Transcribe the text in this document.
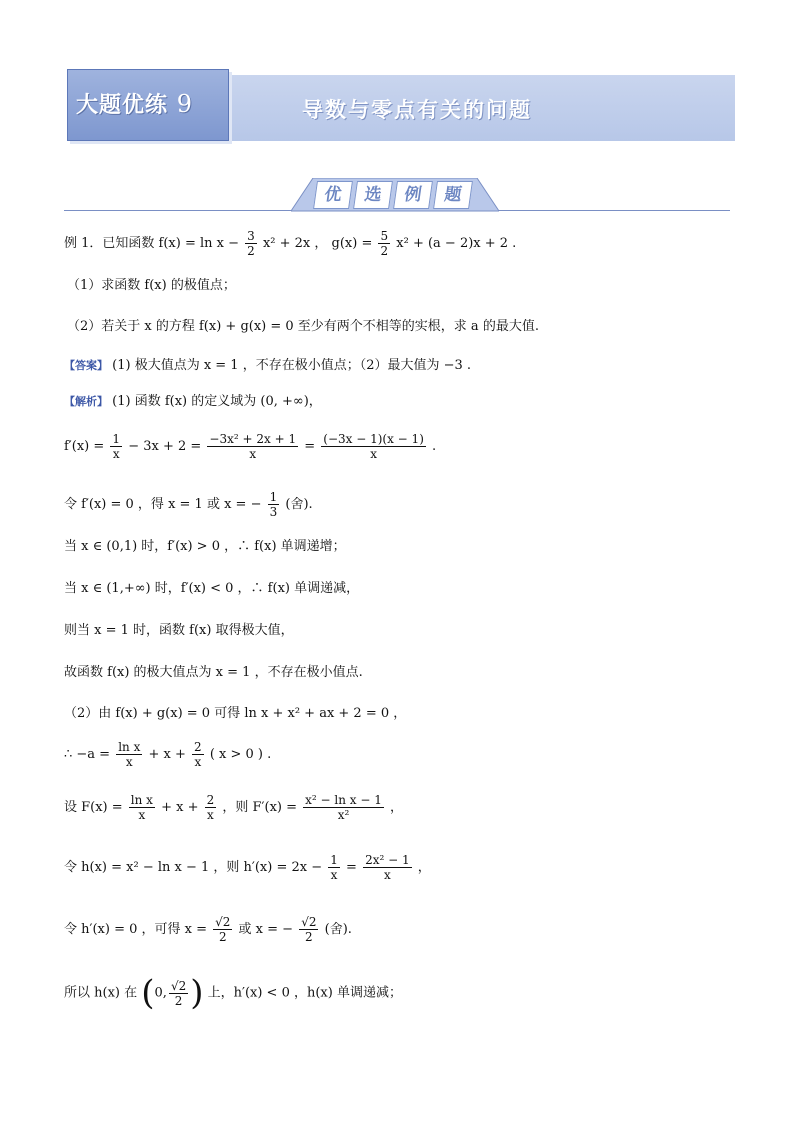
大题优练 9	导数与零点有关的问题
优	选	例	题
例 1．已知函数 $f(x) = \ln x - \frac{3}{2} x^2 + 2x$ ， $g(x) = \frac{5}{2} x^2 + (a - 2)x + 2$ .
（1）求函数 f(x) 的极值点；
（2）若关于 x 的方程 f(x) + g(x) = 0 至少有两个不相等的实根，求 a 的最大值.
【答案】 (1) 极大值点为 x = 1 ，不存在极小值点；（2）最大值为 −3 .
【解析】 (1) 函数 f(x) 的定义域为 (0, +∞)，
$f'(x) = \frac{1}{x} - 3x + 2 = \frac{\text{−3x² + 2x + 1}}{x} = \frac{(-3x - 1)(x - 1)}{x}$ .
令 f′(x) = 0 ，得 x = 1 或 x = − $\frac{1}{3}$ (舍).
当 x ∈ (0,1) 时，f′(x) > 0 ，∴ f(x) 单调递增；
当 x ∈ (1,+∞) 时，f′(x) < 0 ，∴ f(x) 单调递减，
则当 x = 1 时，函数 f(x) 取得极大值，
故函数 f(x) 的极大值点为 x = 1 ，不存在极小值点.
（2）由 f(x) + g(x) = 0 可得 ln x + x² + ax + 2 = 0 ，
∴ $-a = \frac{\text{ln x}}{x} + x + \frac{2}{x}$ ( x > 0 ) .
设 $F(x) = \frac{\text{ln x}}{x} + x + \frac{2}{x}$ ，则 $F'(x) = \frac{\text{x² − ln x − 1}}{\text{x²}}$ ，
令 h(x) = x² − ln x − 1 ，则 $h'(x) = 2x - \frac{1}{x} = \frac{\text{2x² − 1}}{x}$ ，
令 h′(x) = 0 ，可得 $x = \frac{√2}{2}$ 或 x = − $\frac{√2}{2}$ (舍).
所以 h(x) 在 (0, $\frac{√2}{2}$ ) 上，h′(x) < 0 ，h(x) 单调递减；
